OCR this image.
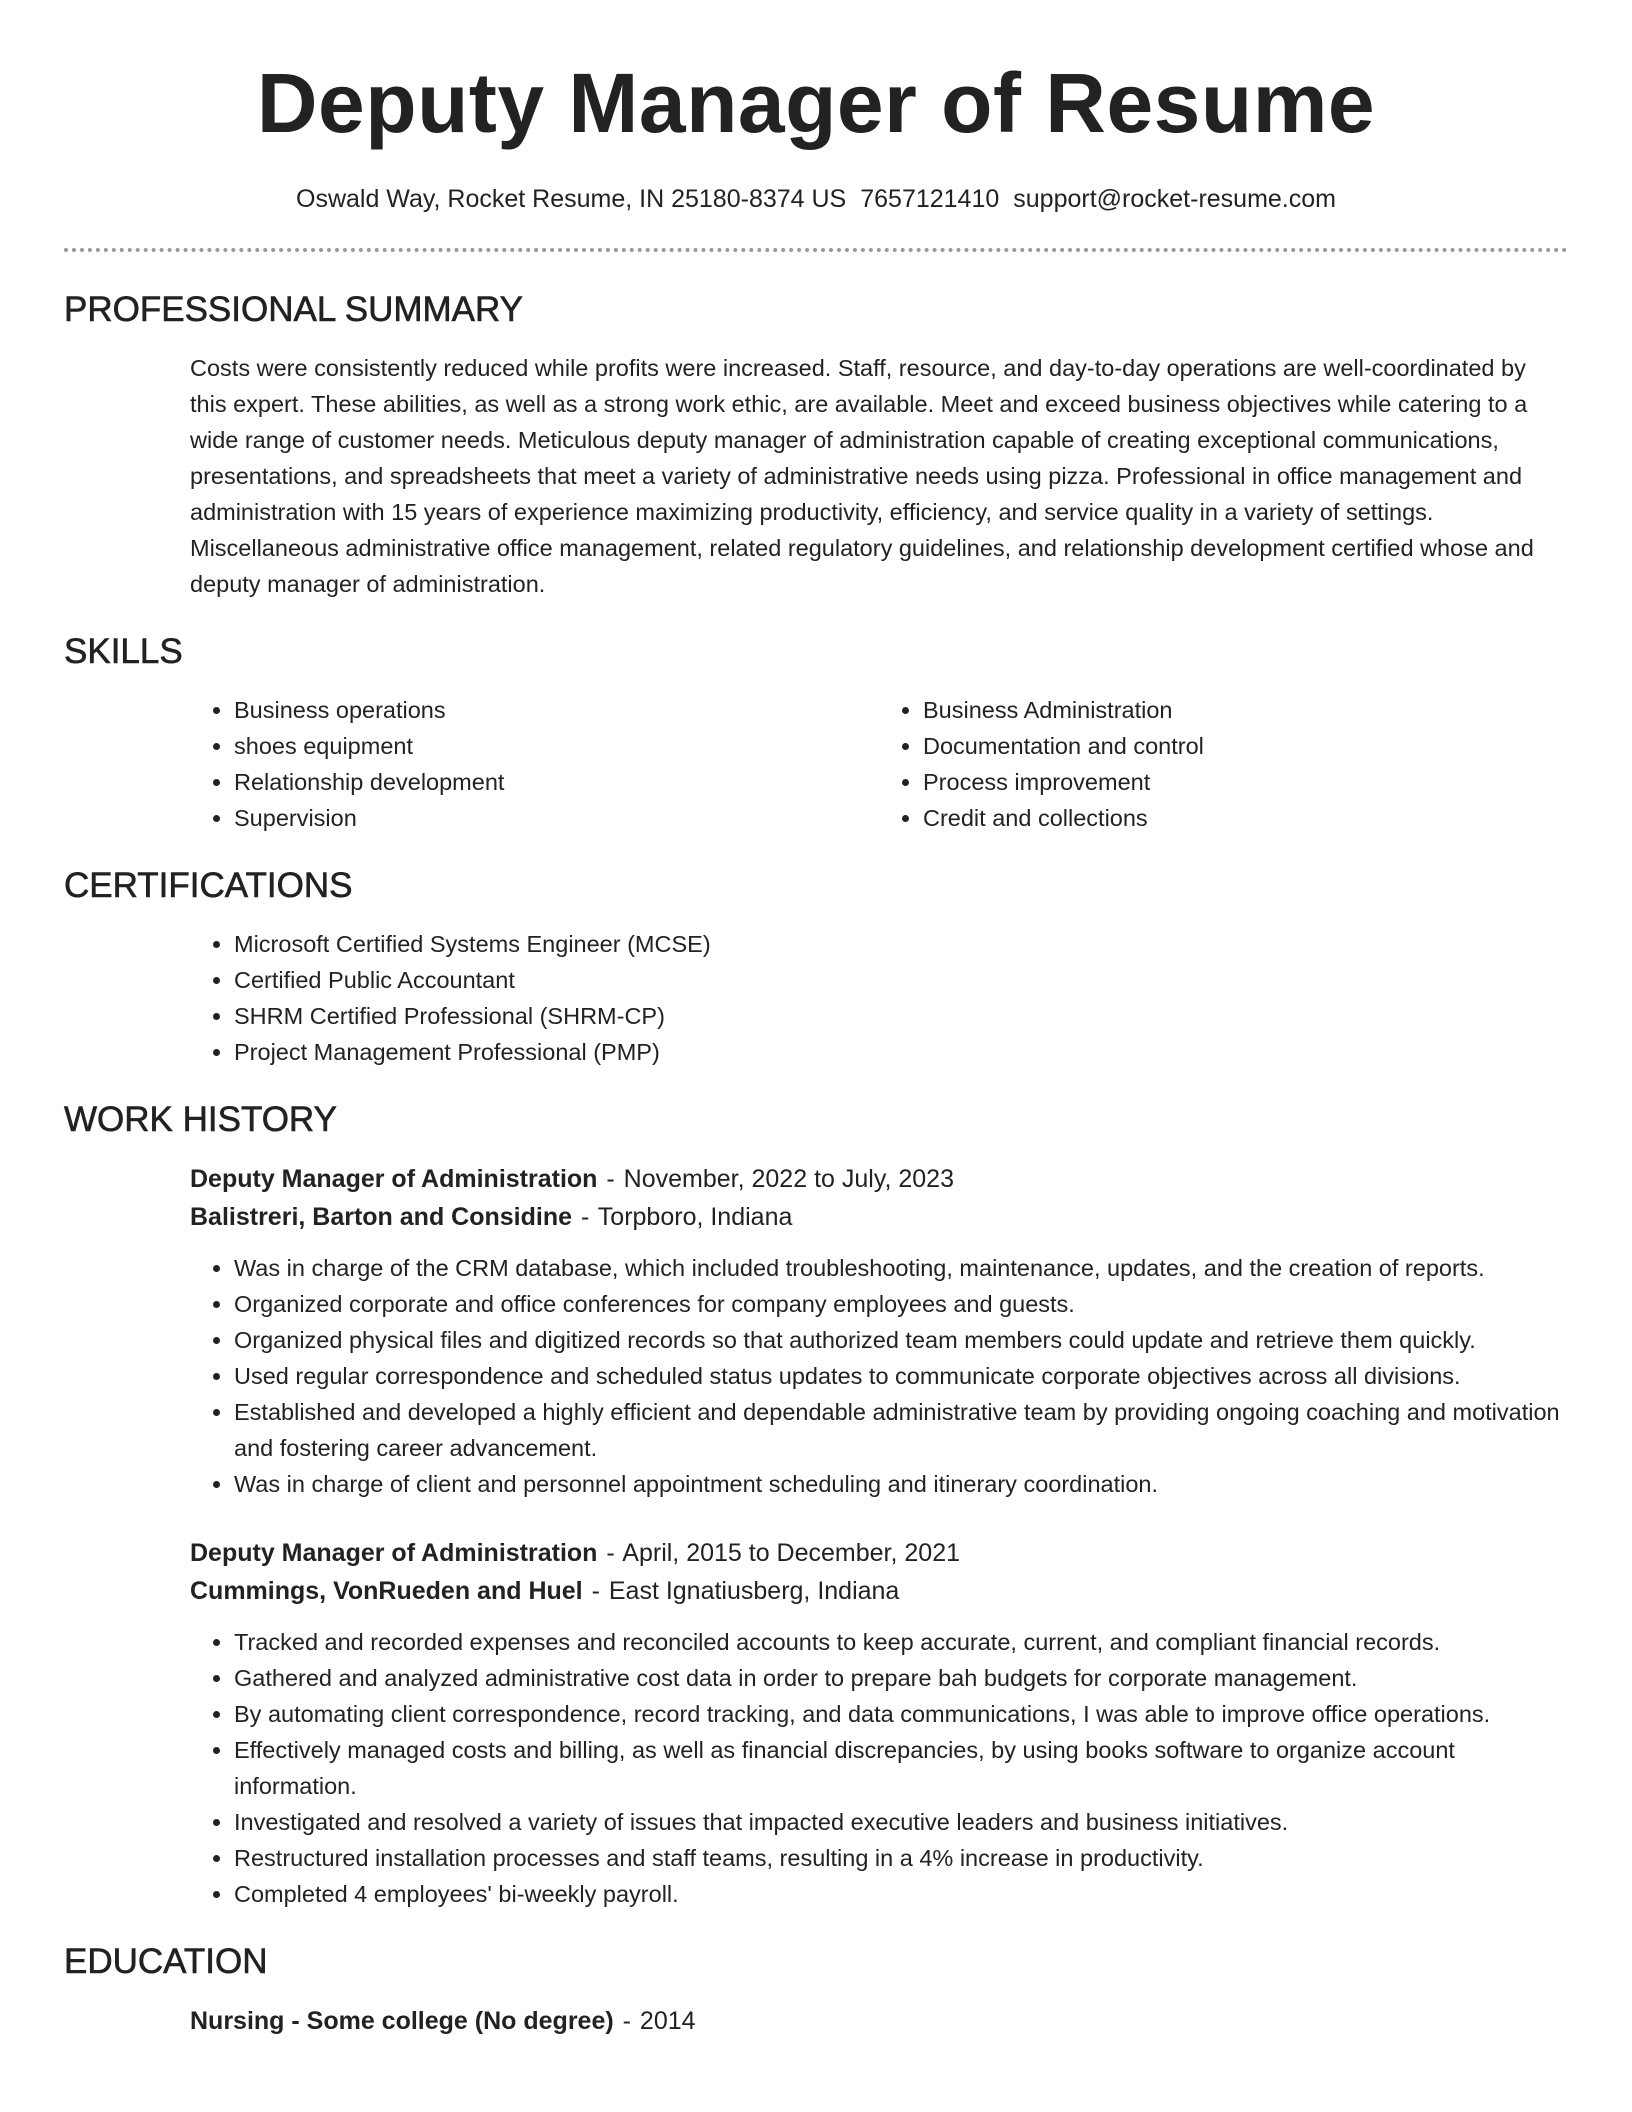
Deputy Manager of Resume
Oswald Way, Rocket Resume, IN 25180-8374 US 7657121410 support@rocket-resume.com
PROFESSIONAL SUMMARY

Costs were consistently reduced while profits were increased. Staff, resource, and day-to-day operations are well-coordinated by this expert. These abilities, as well as a strong work ethic, are available. Meet and exceed business objectives while catering to a wide range of customer needs. Meticulous deputy manager of administration capable of creating exceptional communications, presentations, and spreadsheets that meet a variety of administrative needs using pizza. Professional in office management and administration with 15 years of experience maximizing productivity, efficiency, and service quality in a variety of settings. Miscellaneous administrative office management, related regulatory guidelines, and relationship development certified whose and deputy manager of administration.

SKILLS
• Business operations
• shoes equipment
• Relationship development
• Supervision
• Business Administration
• Documentation and control
• Process improvement
• Credit and collections
CERTIFICATIONS
• Microsoft Certified Systems Engineer (MCSE)
• Certified Public Accountant
• SHRM Certified Professional (SHRM-CP)
• Project Management Professional (PMP)
WORK HISTORY
Deputy Manager of Administration - November, 2022 to July, 2023
Balistreri, Barton and Considine - Torpboro, Indiana
• Was in charge of the CRM database, which included troubleshooting, maintenance, updates, and the creation of reports.
• Organized corporate and office conferences for company employees and guests.
• Organized physical files and digitized records so that authorized team members could update and retrieve them quickly.
• Used regular correspondence and scheduled status updates to communicate corporate objectives across all divisions.
• Established and developed a highly efficient and dependable administrative team by providing ongoing coaching and motivation and fostering career advancement.
• Was in charge of client and personnel appointment scheduling and itinerary coordination.
Deputy Manager of Administration - April, 2015 to December, 2021
Cummings, VonRueden and Huel - East Ignatiusberg, Indiana
• Tracked and recorded expenses and reconciled accounts to keep accurate, current, and compliant financial records.
• Gathered and analyzed administrative cost data in order to prepare bah budgets for corporate management.
• By automating client correspondence, record tracking, and data communications, I was able to improve office operations.
• Effectively managed costs and billing, as well as financial discrepancies, by using books software to organize account information.
• Investigated and resolved a variety of issues that impacted executive leaders and business initiatives.
• Restructured installation processes and staff teams, resulting in a 4% increase in productivity.
• Completed 4 employees' bi-weekly payroll.
EDUCATION
Nursing - Some college (No degree) - 2014
